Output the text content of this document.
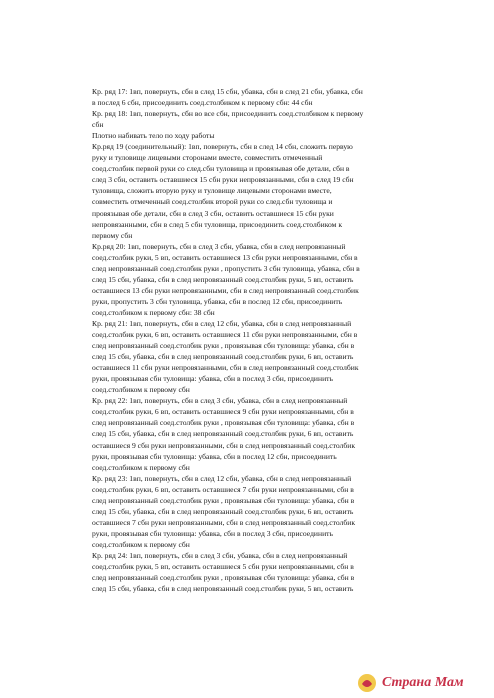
Кр. ряд 17: 1вп, повернуть, сбн в след 15 сбн, убавка, сбн в след 21 сбн, убавка, сбн
в послед 6 сбн, присоединить соед.столбиком к первому сбн: 44 сбн
Кр. ряд 18: 1вп, повернуть, сбн во все сбн, присоединить соед.столбиком к первому
сбн
Плотно набивать тело по ходу работы
Кр.ряд 19 (соединительный): 1вп, повернуть, сбн в след 14 сбн, сложить первую
руку и туловище лицевыми сторонами вместе, совместить отмеченный
соед.столбик первой руки со след.сбн туловища и провязывая обе детали, сбн в
след 3 сбн, оставить оставшиеся 15 сбн руки непровязанными, сбн в след 19 сбн
туловища, сложить вторую руку и туловище лицевыми сторонами вместе,
совместить отмеченный соед.столбик второй руки со след.сбн туловища и
провязывая обе детали, сбн в след 3 сбн, оставить оставшиеся 15 сбн руки
непровязанными, сбн в след 5 сбн туловища, присоединить соед.столбиком к
первому сбн
Кр.ряд 20: 1вп, повернуть, сбн в след 3 сбн, убавка, сбн в след непровязанный
соед.столбик руки, 5 вп, оставить оставшиеся 13 сбн руки непровязанными, сбн в
след непровязанный соед.столбик руки , пропустить 3 сбн туловища, убавка, сбн в
след 15 сбн, убавка, сбн в след непровязанный соед.столбик руки, 5 вп, оставить
оставшиеся 13 сбн руки непровязанными, сбн в след непровязанный соед.столбик
руки, пропустить 3 сбн туловища, убавка, сбн в послед 12 сбн, присоединить
соед.столбиком к первому сбн: 38 сбн
Кр. ряд 21: 1вп, повернуть, сбн в след 12 сбн, убавка, сбн в след непровязанный
соед.столбик руки, 6 вп, оставить оставшиеся 11 сбн руки непровязанными, сбн в
след непровязанный соед.столбик руки , провязывая сбн туловища: убавка, сбн в
след 15 сбн, убавка, сбн в след непровязанный соед.столбик руки, 6 вп, оставить
оставшиеся 11 сбн руки непровязанными, сбн в след непровязанный соед.столбик
руки, провязывая сбн туловища: убавка, сбн в послед 3 сбн, присоединить
соед.столбиком к первому сбн
Кр. ряд 22: 1вп, повернуть, сбн в след 3 сбн, убавка, сбн в след непровязанный
соед.столбик руки, 6 вп, оставить оставшиеся 9 сбн руки непровязанными, сбн в
след непровязанный соед.столбик руки , провязывая сбн туловища: убавка, сбн в
след 15 сбн, убавка, сбн в след непровязанный соед.столбик руки, 6 вп, оставить
оставшиеся 9 сбн руки непровязанными, сбн в след непровязанный соед.столбик
руки, провязывая сбн туловища: убавка, сбн в послед 12 сбн, присоединить
соед.столбиком к первому сбн
Кр. ряд 23: 1вп, повернуть, сбн в след 12 сбн, убавка, сбн в след непровязанный
соед.столбик руки, 6 вп, оставить оставшиеся 7 сбн руки непровязанными, сбн в
след непровязанный соед.столбик руки , провязывая сбн туловища: убавка, сбн в
след 15 сбн, убавка, сбн в след непровязанный соед.столбик руки, 6 вп, оставить
оставшиеся 7 сбн руки непровязанными, сбн в след непровязанный соед.столбик
руки, провязывая сбн туловища: убавка, сбн в послед 3 сбн, присоединить
соед.столбиком к первому сбн
Кр. ряд 24: 1вп, повернуть, сбн в след 3 сбн, убавка, сбн в след непровязанный
соед.столбик руки, 5 вп, оставить оставшиеся 5 сбн руки непровязанными, сбн в
след непровязанный соед.столбик руки , провязывая сбн туловища: убавка, сбн в
след 15 сбн, убавка, сбн в след непровязанный соед.столбик руки, 5 вп, оставить
Страна Мам
